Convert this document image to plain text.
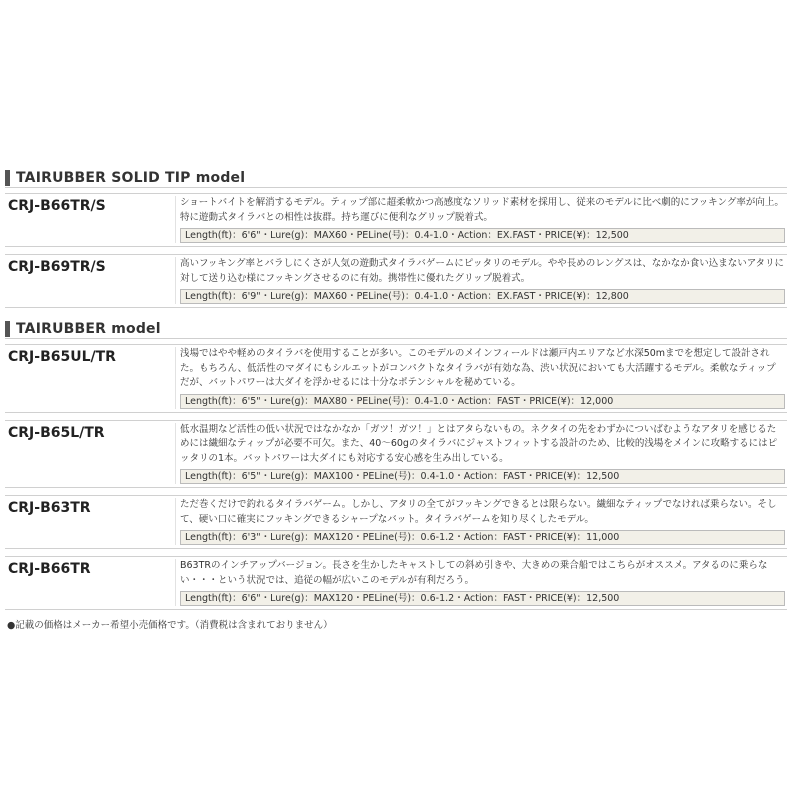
TAIRUBBER SOLID TIP model
CRJ-B66TR/S	ショートバイトを解消するモデル。ティップ部に超柔軟かつ高感度なソリッド素材を採用し、従来のモデルに比べ劇的にフッキング率が向上。特に遊動式タイラバとの相性は抜群。持ち運びに便利なグリップ脱着式。
Length(ft)：6'6"・Lure(g)：MAX60・PELine(号)：0.4-1.0・Action：EX.FAST・PRICE(¥)：12,500
CRJ-B69TR/S	高いフッキング率とバラしにくさが人気の遊動式タイラバゲームにピッタリのモデル。やや長めのレングスは、なかなか食い込まないアタリに対して送り込む様にフッキングさせるのに有効。携帯性に優れたグリップ脱着式。
Length(ft)：6'9"・Lure(g)：MAX60・PELine(号)：0.4-1.0・Action：EX.FAST・PRICE(¥)：12,800
TAIRUBBER model
CRJ-B65UL/TR	浅場ではやや軽めのタイラバを使用することが多い。このモデルのメインフィールドは瀬戸内エリアなど水深50mまでを想定して設計された。もちろん、低活性のマダイにもシルエットがコンパクトなタイラバが有効な為、渋い状況においても大活躍するモデル。柔軟なティップだが、バットパワーは大ダイを浮かせるには十分なポテンシャルを秘めている。
Length(ft)：6'5"・Lure(g)：MAX80・PELine(号)：0.4-1.0・Action：FAST・PRICE(¥)：12,000
CRJ-B65L/TR	低水温期など活性の低い状況ではなかなか「ガツ！ガツ！」とはアタらないもの。ネクタイの先をわずかについばむようなアタリを感じるためには繊細なティップが必要不可欠。また、40～60gのタイラバにジャストフィットする設計のため、比較的浅場をメインに攻略するにはピッタリの1本。バットパワーは大ダイにも対応する安心感を生み出している。
Length(ft)：6'5"・Lure(g)：MAX100・PELine(号)：0.4-1.0・Action：FAST・PRICE(¥)：12,500
CRJ-B63TR	ただ巻くだけで釣れるタイラバゲーム。しかし、アタリの全てがフッキングできるとは限らない。繊細なティップでなければ乗らない。そして、硬い口に確実にフッキングできるシャープなバット。タイラバゲームを知り尽くしたモデル。
Length(ft)：6'3"・Lure(g)：MAX120・PELine(号)：0.6-1.2・Action：FAST・PRICE(¥)：11,000
CRJ-B66TR	B63TRのインチアップバージョン。長さを生かしたキャストしての斜め引きや、大きめの乗合船ではこちらがオススメ。アタるのに乗らない・・・という状況では、追従の幅が広いこのモデルが有利だろう。
Length(ft)：6'6"・Lure(g)：MAX120・PELine(号)：0.6-1.2・Action：FAST・PRICE(¥)：12,500
●記載の価格はメーカー希望小売価格です。（消費税は含まれておりません）
